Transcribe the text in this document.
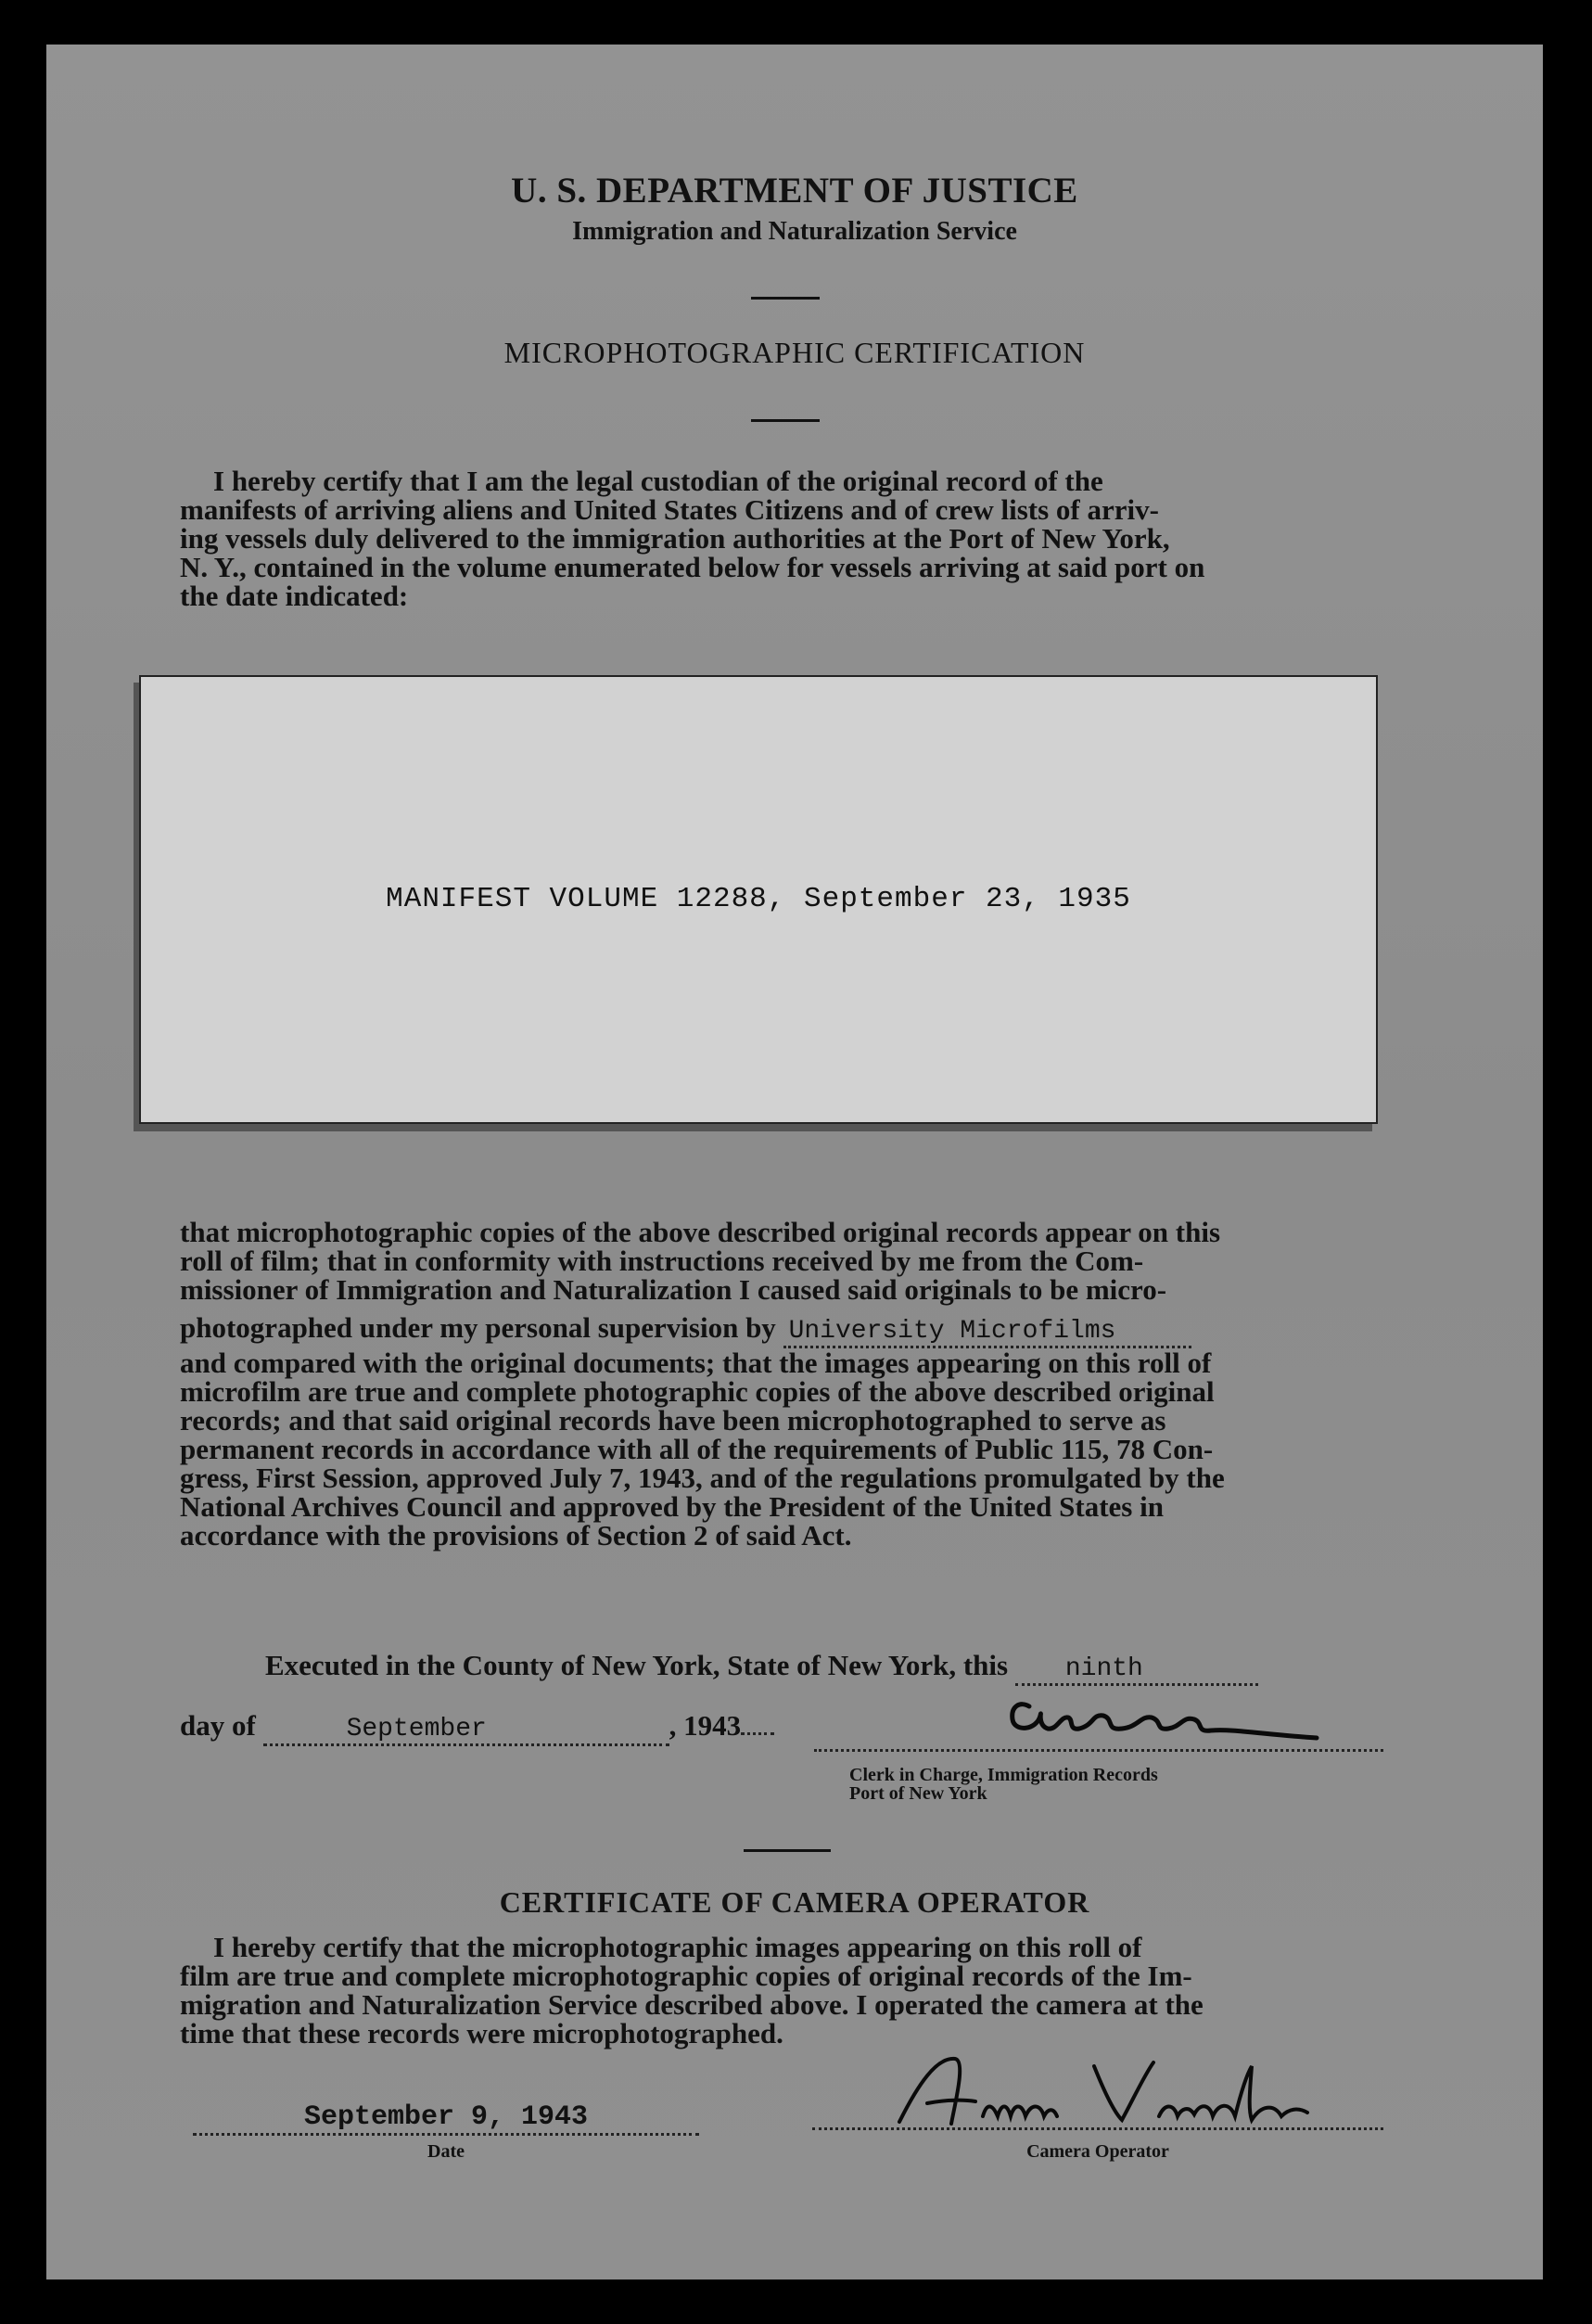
U. S. DEPARTMENT OF JUSTICE
Immigration and Naturalization Service
MICROPHOTOGRAPHIC CERTIFICATION

I hereby certify that I am the legal custodian of the original record of the

manifests of arriving aliens and United States Citizens and of crew lists of arriv-

ing vessels duly delivered to the immigration authorities at the Port of New York,

N. Y., contained in the volume enumerated below for vessels arriving at said port on

the date indicated:

MANIFEST VOLUME 12288, September 23, 1935

that microphotographic copies of the above described original records appear on this

roll of film; that in conformity with instructions received by me from the Com-

missioner of Immigration and Naturalization I caused said originals to be micro-

photographed under my personal supervision by University Microfilms

and compared with the original documents; that the images appearing on this roll of

microfilm are true and complete photographic copies of the above described original

records; and that said original records have been microphotographed to serve as

permanent records in accordance with all of the requirements of Public 115, 78 Con-

gress, First Session, approved July 7, 1943, and of the regulations promulgated by the

National Archives Council and approved by the President of the United States in

accordance with the provisions of Section 2 of said Act.

Executed in the County of New York, State of New York, this ninth
day of	September	, 1943
Clerk in Charge, Immigration Records
Port of New York
CERTIFICATE OF CAMERA OPERATOR

I hereby certify that the microphotographic images appearing on this roll of

film are true and complete microphotographic copies of original records of the Im-

migration and Naturalization Service described above. I operated the camera at the

time that these records were microphotographed.

September 9, 1943
Date	Camera Operator
